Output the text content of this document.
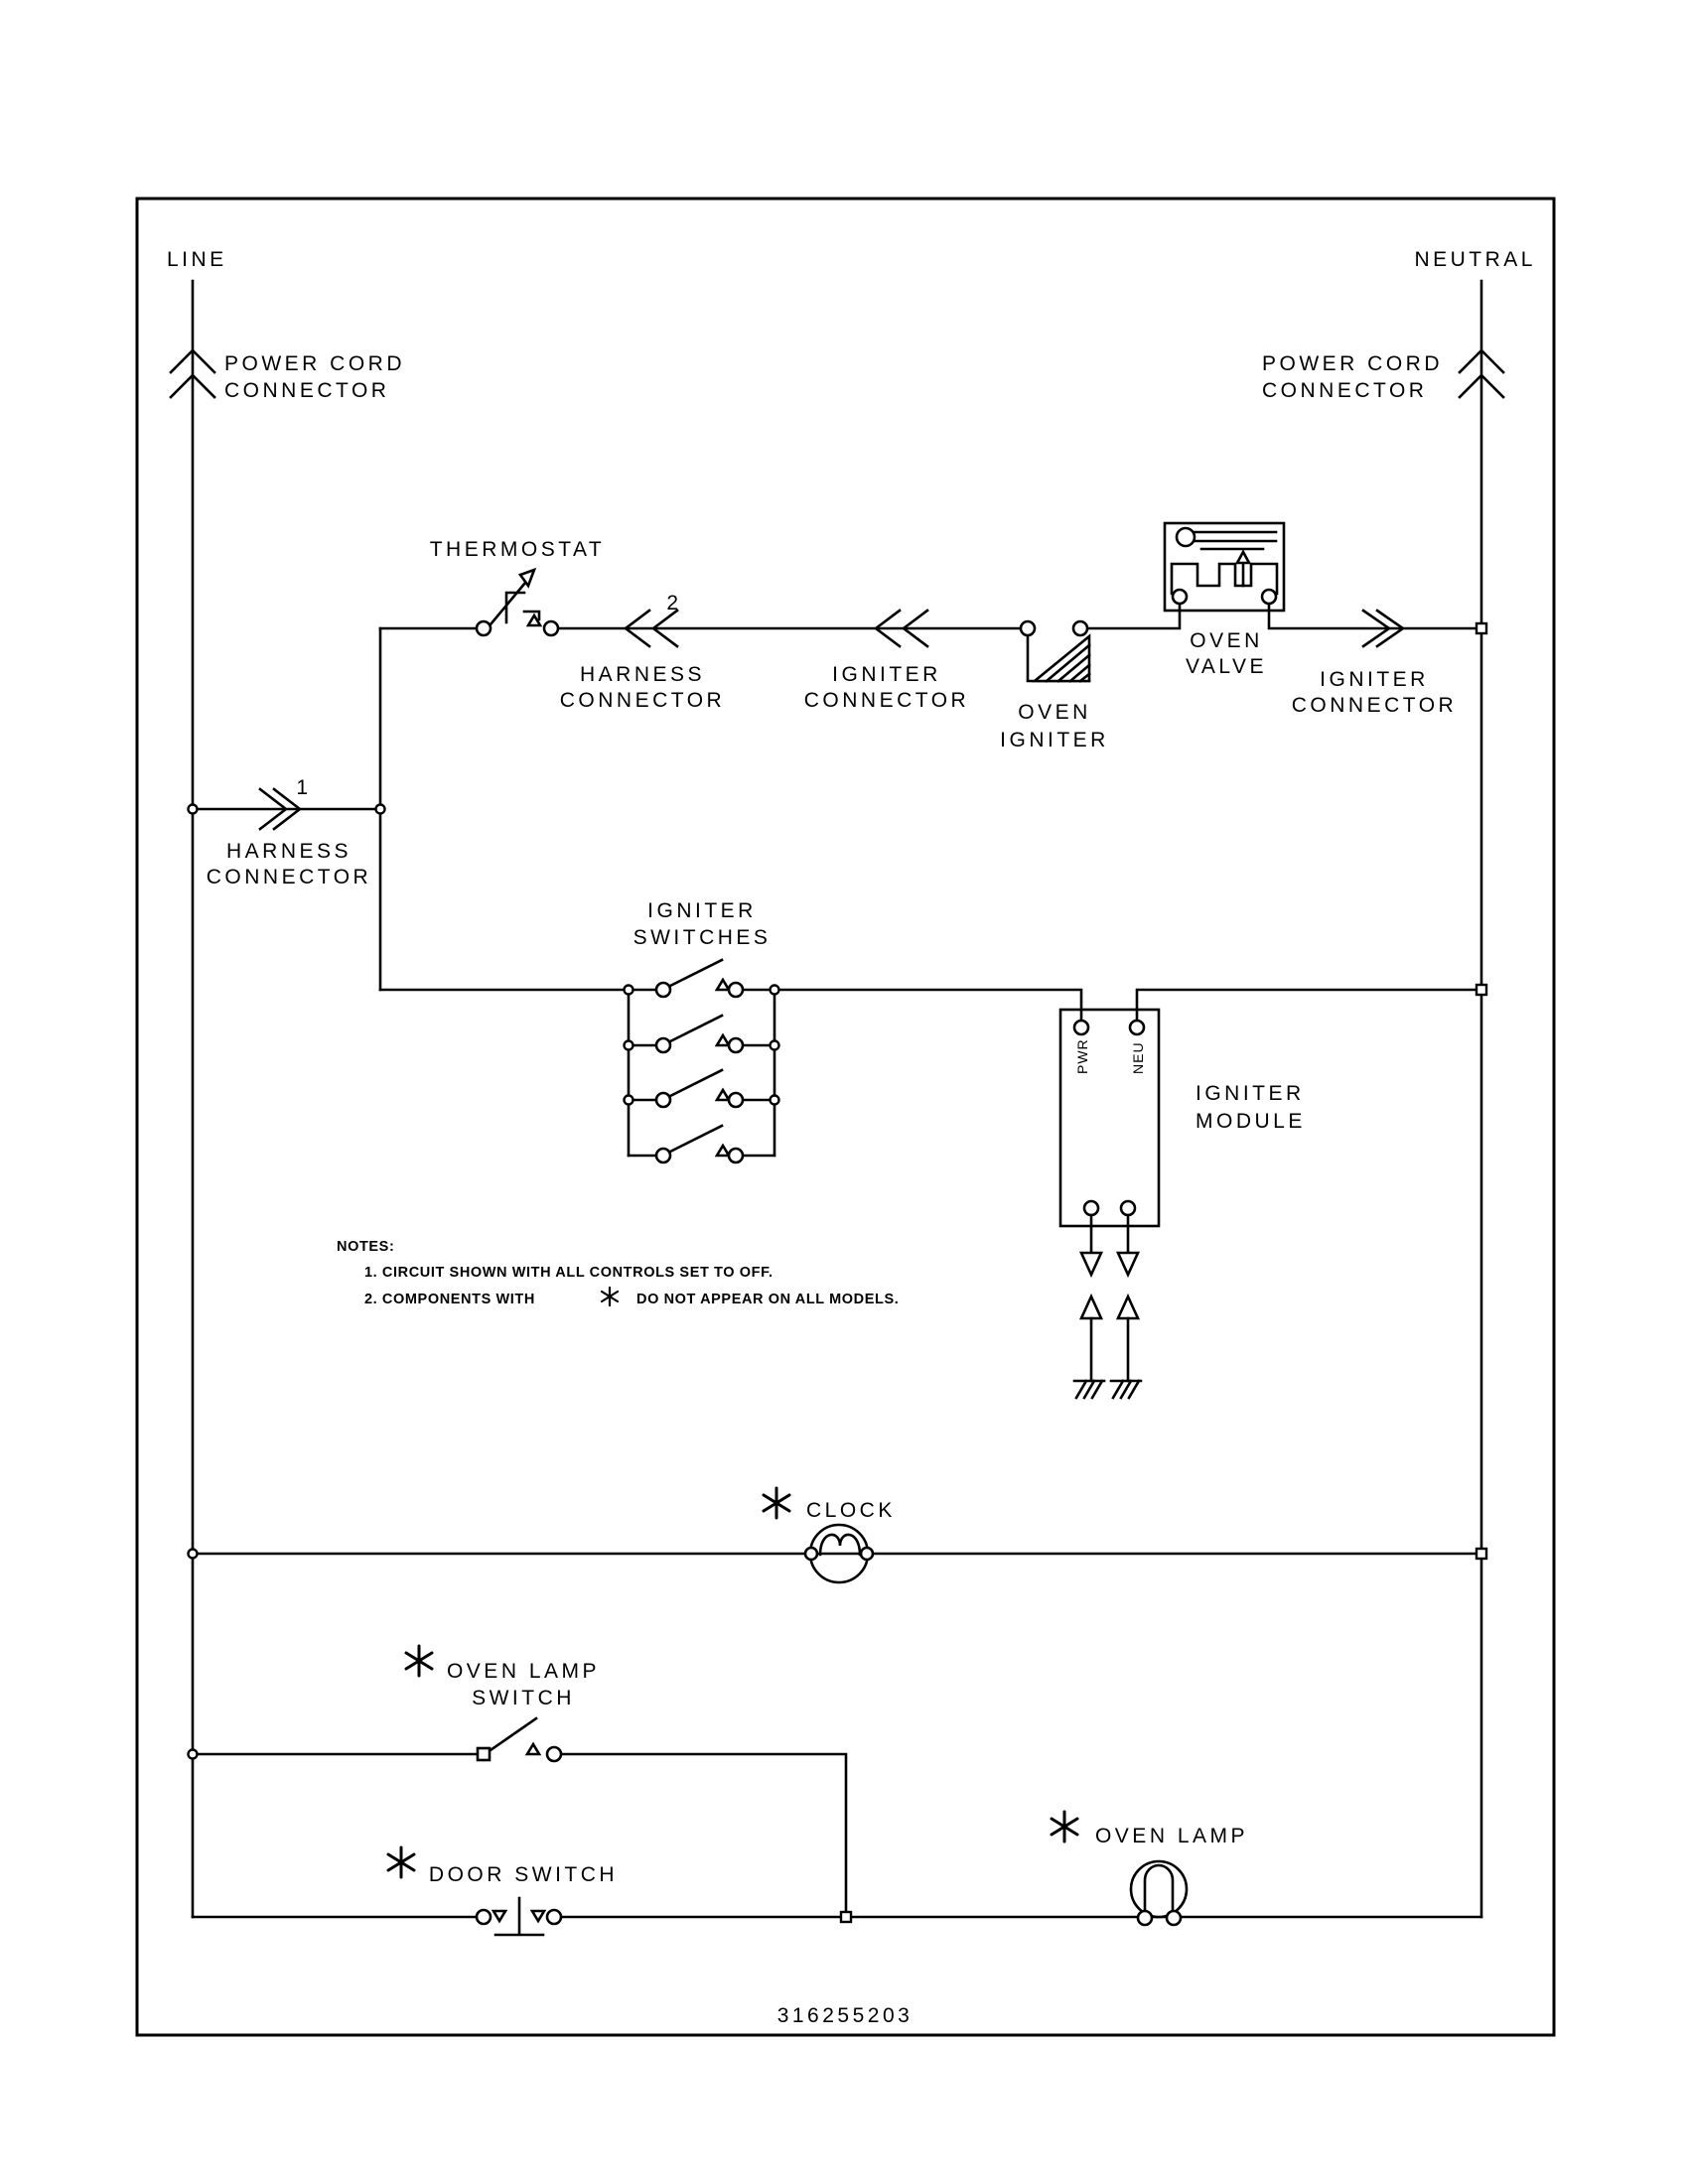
LINE
POWER CORD
CONNECTOR
NEUTRAL
POWER CORD
CONNECTOR
THERMOSTAT
2
HARNESS
CONNECTOR
IGNITER
CONNECTOR
OVEN
IGNITER
OVEN
VALVE
IGNITER
CONNECTOR
1
HARNESS
CONNECTOR
IGNITER
SWITCHES
PWR	NEU
IGNITER
MODULE
NOTES:
1. CIRCUIT SHOWN WITH ALL CONTROLS SET TO OFF.
2. COMPONENTS WITH	DO NOT APPEAR ON ALL MODELS.
CLOCK
OVEN LAMP
SWITCH
DOOR SWITCH
OVEN LAMP
316255203
